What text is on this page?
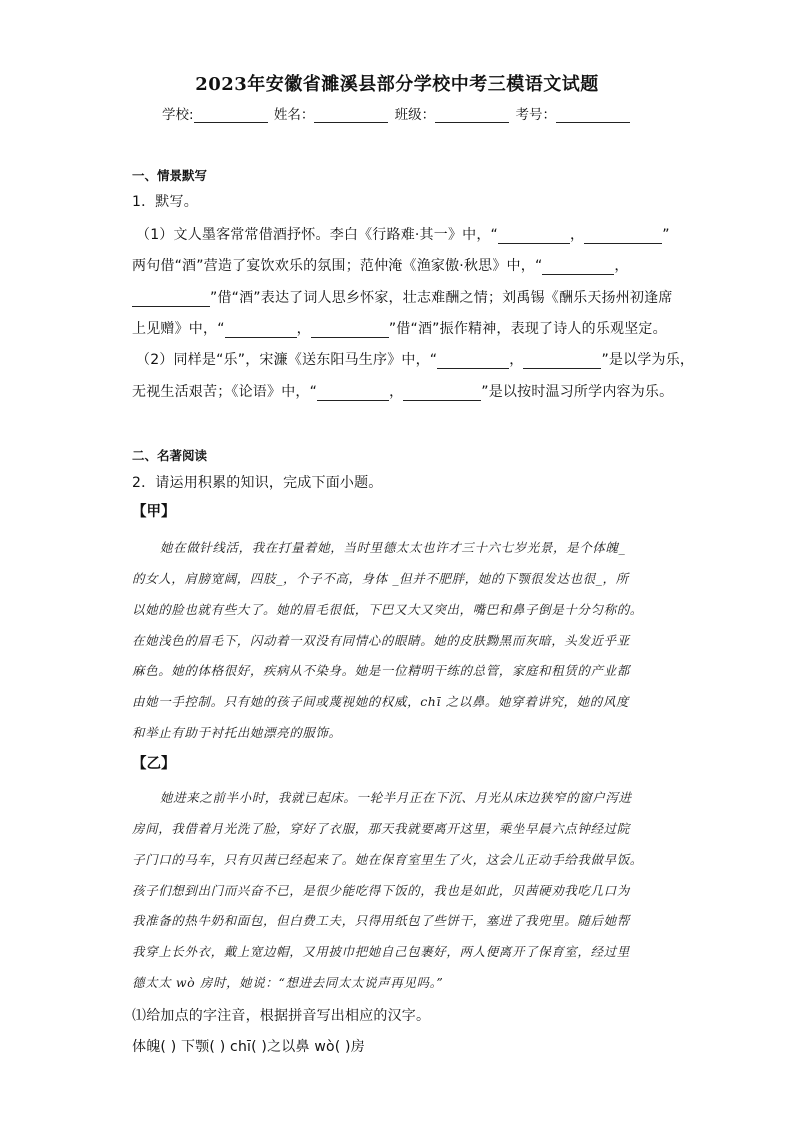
2023年安徽省濉溪县部分学校中考三模语文试题
学校:	姓名：	班级：	考号：
一、情景默写
1．默写。
（1）文人墨客常常借酒抒怀。李白《行路难·其一》中，“	，	”
两句借“酒”营造了宴饮欢乐的氛围；范仲淹《渔家傲·秋思》中，“	，
”借“酒”表达了词人思乡怀家，壮志难酬之情；刘禹锡《酬乐天扬州初逢席
上见赠》中，“	，	”借“酒”振作精神，表现了诗人的乐观坚定。
（2）同样是“乐”，宋濂《送东阳马生序》中，“	，	”是以学为乐，
无视生活艰苦；《论语》中，“	，	”是以按时温习所学内容为乐。
二、名著阅读
2．请运用积累的知识，完成下面小题。
【甲】
她在做针线活，我在打量着她，当时里德太太也许才三十六七岁光景，是个体魄_
的女人，肩膀宽阔，四肢_，个子不高，身体 _但并不肥胖，她的下颚很发达也很_，所
以她的脸也就有些大了。她的眉毛很低，下巴又大又突出，嘴巴和鼻子倒是十分匀称的。
在她浅色的眉毛下，闪动着一双没有同情心的眼睛。她的皮肤黝黑而灰暗，头发近乎亚
麻色。她的体格很好，疾病从不染身。她是一位精明干练的总管，家庭和租赁的产业都
由她一手控制。只有她的孩子间或蔑视她的权威，chī 之以鼻。她穿着讲究，她的风度
和举止有助于衬托出她漂亮的服饰。
【乙】
她进来之前半小时，我就已起床。一轮半月正在下沉、月光从床边狭窄的窗户泻进
房间，我借着月光洗了脸，穿好了衣服，那天我就要离开这里，乘坐早晨六点钟经过院
子门口的马车，只有贝茜已经起来了。她在保育室里生了火，这会儿正动手给我做早饭。
孩子们想到出门而兴奋不已，是很少能吃得下饭的，我也是如此，贝茜硬劝我吃几口为
我准备的热牛奶和面包，但白费工夫，只得用纸包了些饼干，塞进了我兜里。随后她帮
我穿上长外衣，戴上宽边帽，又用披巾把她自己包裹好，两人便离开了保育室，经过里
德太太 wò 房时，她说：“想进去同太太说声再见吗。”
⑴给加点的字注音，根据拼音写出相应的汉字。
体魄( ) 下颚( ) chī( )之以鼻 wò( )房
